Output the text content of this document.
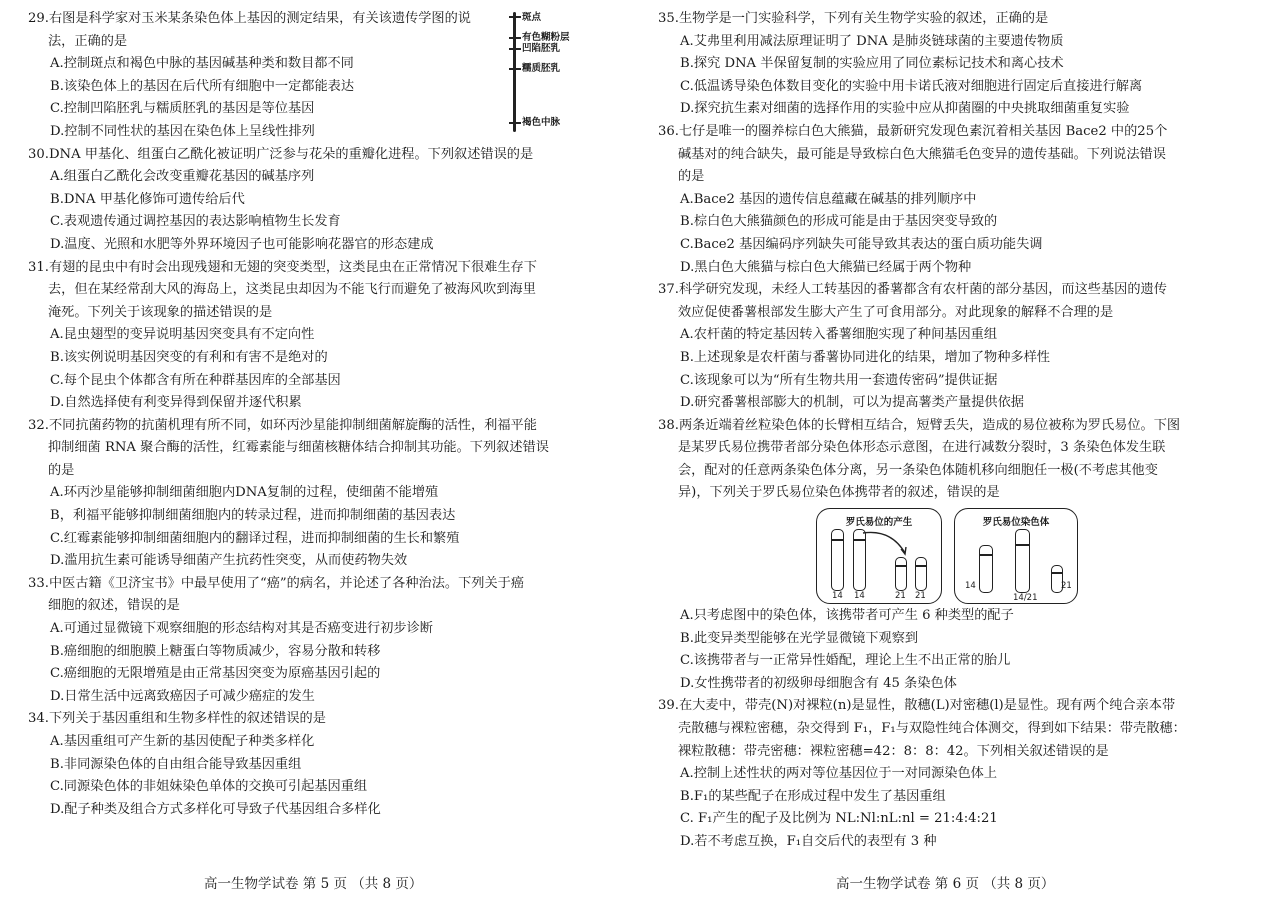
29.右图是科学家对玉米某条染色体上基因的测定结果，有关该遗传学图的说
法，正确的是
A.控制斑点和褐色中脉的基因碱基种类和数目都不同
B.该染色体上的基因在后代所有细胞中一定都能表达
C.控制凹陷胚乳与糯质胚乳的基因是等位基因
D.控制不同性状的基因在染色体上呈线性排列
30.DNA 甲基化、组蛋白乙酰化被证明广泛参与花朵的重瓣化进程。下列叙述错误的是
A.组蛋白乙酰化会改变重瓣花基因的碱基序列
B.DNA 甲基化修饰可遗传给后代
C.表观遗传通过调控基因的表达影响植物生长发育
D.温度、光照和水肥等外界环境因子也可能影响花器官的形态建成
31.有翅的昆虫中有时会出现残翅和无翅的突变类型，这类昆虫在正常情况下很难生存下
去，但在某经常刮大风的海岛上，这类昆虫却因为不能飞行而避免了被海风吹到海里
淹死。下列关于该现象的描述错误的是
A.昆虫翅型的变异说明基因突变具有不定向性
B.该实例说明基因突变的有利和有害不是绝对的
C.每个昆虫个体都含有所在种群基因库的全部基因
D.自然选择使有利变异得到保留并逐代积累
32.不同抗菌药物的抗菌机理有所不同，如环丙沙星能抑制细菌解旋酶的活性，利福平能
抑制细菌 RNA 聚合酶的活性，红霉素能与细菌核糖体结合抑制其功能。下列叙述错误
的是
A.环丙沙星能够抑制细菌细胞内DNA复制的过程，使细菌不能增殖
B，利福平能够抑制细菌细胞内的转录过程，进而抑制细菌的基因表达
C.红霉素能够抑制细菌细胞内的翻译过程，进而抑制细菌的生长和繁殖
D.滥用抗生素可能诱导细菌产生抗药性突变，从而使药物失效
33.中医古籍《卫济宝书》中最早使用了“癌”的病名，并论述了各种治法。下列关于癌
细胞的叙述，错误的是
A.可通过显微镜下观察细胞的形态结构对其是否癌变进行初步诊断
B.癌细胞的细胞膜上糖蛋白等物质减少，容易分散和转移
C.癌细胞的无限增殖是由正常基因突变为原癌基因引起的
D.日常生活中远离致癌因子可减少癌症的发生
34.下列关于基因重组和生物多样性的叙述错误的是
A.基因重组可产生新的基因使配子种类多样化
B.非同源染色体的自由组合能导致基因重组
C.同源染色体的非姐妹染色单体的交换可引起基因重组
D.配子种类及组合方式多样化可导致子代基因组合多样化
35.生物学是一门实验科学，下列有关生物学实验的叙述，正确的是
A.艾弗里利用减法原理证明了 DNA 是肺炎链球菌的主要遗传物质
B.探究 DNA 半保留复制的实验应用了同位素标记技术和离心技术
C.低温诱导染色体数目变化的实验中用卡诺氏液对细胞进行固定后直接进行解离
D.探究抗生素对细菌的选择作用的实验中应从抑菌圈的中央挑取细菌重复实验
36.七仔是唯一的圈养棕白色大熊猫，最新研究发现色素沉着相关基因 Bace2 中的25个
碱基对的纯合缺失，最可能是导致棕白色大熊猫毛色变异的遗传基础。下列说法错误
的是
A.Bace2 基因的遗传信息蕴藏在碱基的排列顺序中
B.棕白色大熊猫颜色的形成可能是由于基因突变导致的
C.Bace2 基因编码序列缺失可能导致其表达的蛋白质功能失调
D.黑白色大熊猫与棕白色大熊猫已经属于两个物种
37.科学研究发现，未经人工转基因的番薯都含有农杆菌的部分基因，而这些基因的遗传
效应促使番薯根部发生膨大产生了可食用部分。对此现象的解释不合理的是
A.农杆菌的特定基因转入番薯细胞实现了种间基因重组
B.上述现象是农杆菌与番薯协同进化的结果，增加了物种多样性
C.该现象可以为“所有生物共用一套遗传密码”提供证据
D.研究番薯根部膨大的机制，可以为提高薯类产量提供依据
38.两条近端着丝粒染色体的长臂相互结合，短臂丢失，造成的易位被称为罗氏易位。下图
是某罗氏易位携带者部分染色体形态示意图，在进行减数分裂时，3 条染色体发生联
会，配对的任意两条染色体分离，另一条染色体随机移向细胞任一极(不考虑其他变
异)，下列关于罗氏易位染色体携带者的叙述，错误的是
A.只考虑图中的染色体，该携带者可产生 6 种类型的配子
B.此变异类型能够在光学显微镜下观察到
C.该携带者与一正常异性婚配，理论上生不出正常的胎儿
D.女性携带者的初级卵母细胞含有 45 条染色体
39.在大麦中，带壳(N)对裸粒(n)是显性，散穗(L)对密穗(l)是显性。现有两个纯合亲本带
壳散穗与裸粒密穗，杂交得到 F₁，F₁与双隐性纯合体测交，得到如下结果：带壳散穗：
裸粒散穗：带壳密穗：裸粒密穗=42：8：8：42。下列相关叙述错误的是
A.控制上述性状的两对等位基因位于一对同源染色体上
B.F₁的某些配子在形成过程中发生了基因重组
C. F₁产生的配子及比例为 NL:Nl:nL:nl = 21:4:4:21
D.若不考虑互换，F₁自交后代的表型有 3 种
斑点
有色糊粉层
凹陷胚乳
糯质胚乳
褐色中脉
罗氏易位的产生
14 14	21 21
罗氏易位染色体
14
14/21
21
高一生物学试卷 第 5 页 （共 8 页）	高一生物学试卷 第 6 页 （共 8 页）
